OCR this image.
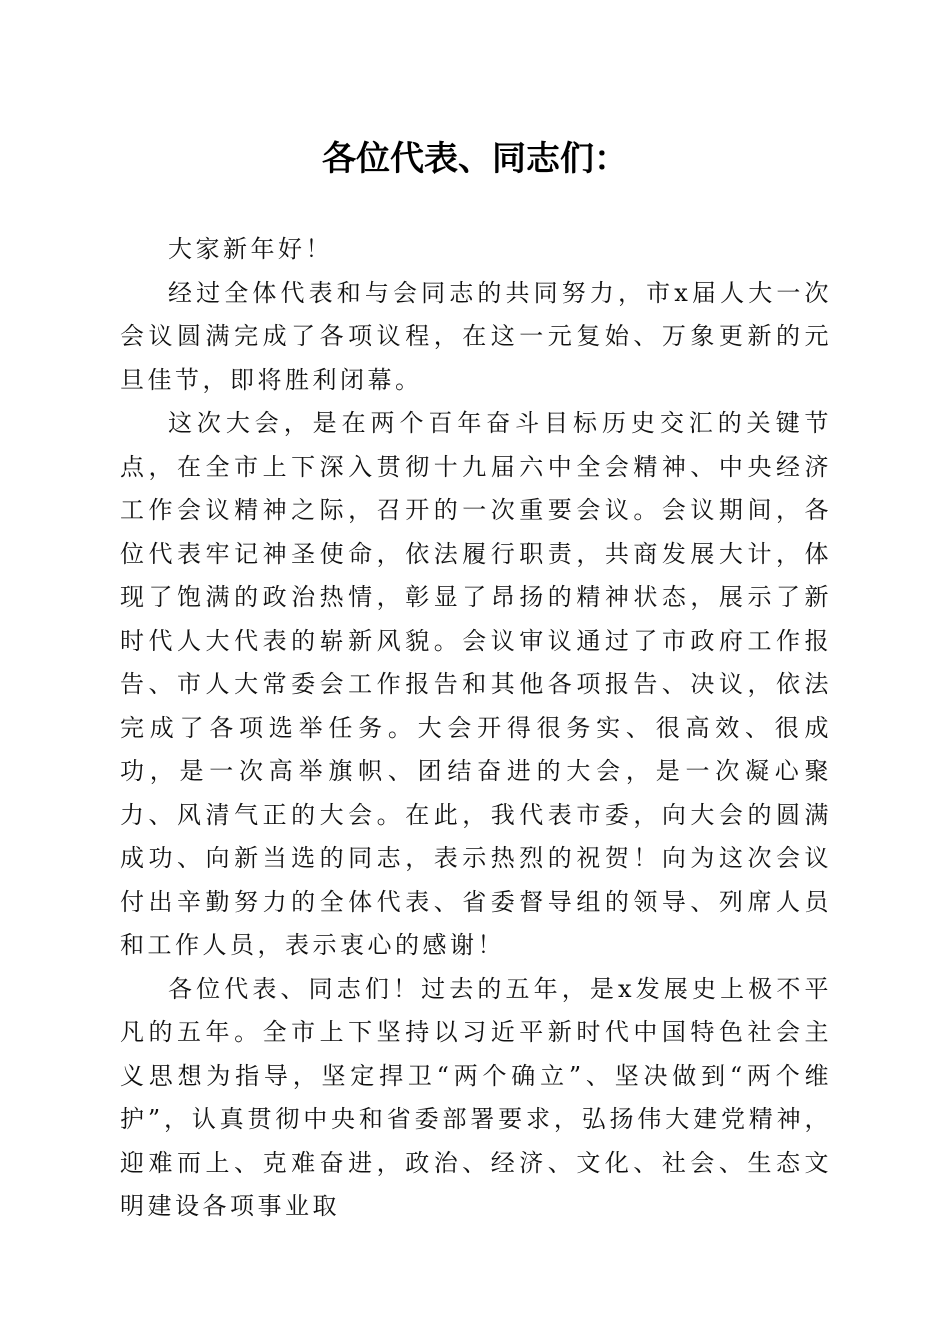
各位代表、同志们：

大家新年好！

经过全体代表和与会同志的共同努力，市x届人大一次会议圆满完成了各项议程，在这一元复始、万象更新的元旦佳节，即将胜利闭幕。

这次大会，是在两个百年奋斗目标历史交汇的关键节点，在全市上下深入贯彻十九届六中全会精神、中央经济工作会议精神之际，召开的一次重要会议。会议期间，各位代表牢记神圣使命，依法履行职责，共商发展大计，体现了饱满的政治热情，彰显了昂扬的精神状态，展示了新时代人大代表的崭新风貌。会议审议通过了市政府工作报告、市人大常委会工作报告和其他各项报告、决议，依法完成了各项选举任务。大会开得很务实、很高效、很成功，是一次高举旗帜、团结奋进的大会，是一次凝心聚力、风清气正的大会。在此，我代表市委，向大会的圆满成功、向新当选的同志，表示热烈的祝贺！向为这次会议付出辛勤努力的全体代表、省委督导组的领导、列席人员和工作人员，表示衷心的感谢！

各位代表、同志们！过去的五年，是x发展史上极不平凡的五年。全市上下坚持以习近平新时代中国特色社会主义思想为指导，坚定捍卫“两个确立”、坚决做到“两个维护”，认真贯彻中央和省委部署要求，弘扬伟大建党精神，迎难而上、克难奋进，政治、经济、文化、社会、生态文明建设各项事业取
